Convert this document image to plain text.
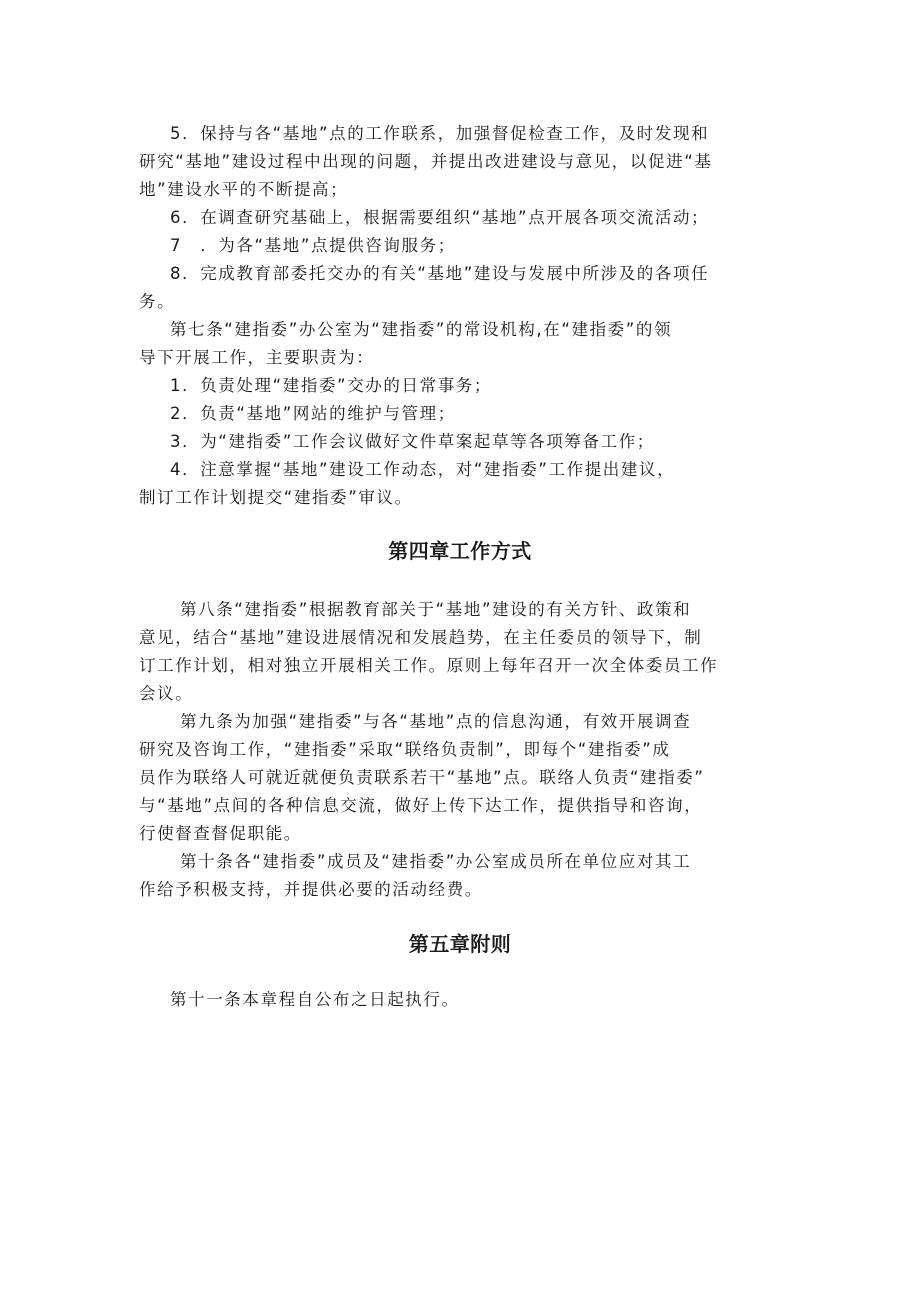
5．保持与各“基地”点的工作联系，加强督促检查工作，及时发现和
研究“基地”建设过程中出现的问题，并提出改进建设与意见，以促进“基
地”建设水平的不断提高；
6．在调查研究基础上，根据需要组织“基地”点开展各项交流活动；
7　．为各“基地”点提供咨询服务；
8．完成教育部委托交办的有关“基地”建设与发展中所涉及的各项任
务。
第七条“建指委”办公室为“建指委”的常设机构,在“建指委”的领
导下开展工作，主要职责为：
1．负责处理“建指委”交办的日常事务；
2．负责“基地”网站的维护与管理；
3．为“建指委”工作会议做好文件草案起草等各项筹备工作；
4．注意掌握“基地”建设工作动态，对“建指委”工作提出建议，
制订工作计划提交“建指委”审议。
第四章工作方式
第八条“建指委”根据教育部关于“基地”建设的有关方针、政策和
意见，结合“基地”建设进展情况和发展趋势，在主任委员的领导下，制
订工作计划，相对独立开展相关工作。原则上每年召开一次全体委员工作
会议。
第九条为加强“建指委”与各“基地”点的信息沟通，有效开展调查
研究及咨询工作，“建指委”采取“联络负责制”，即每个“建指委”成
员作为联络人可就近就便负责联系若干“基地”点。联络人负责“建指委”
与“基地”点间的各种信息交流，做好上传下达工作，提供指导和咨询，
行使督查督促职能。
第十条各“建指委”成员及“建指委”办公室成员所在单位应对其工
作给予积极支持，并提供必要的活动经费。
第五章附则
第十一条本章程自公布之日起执行。
